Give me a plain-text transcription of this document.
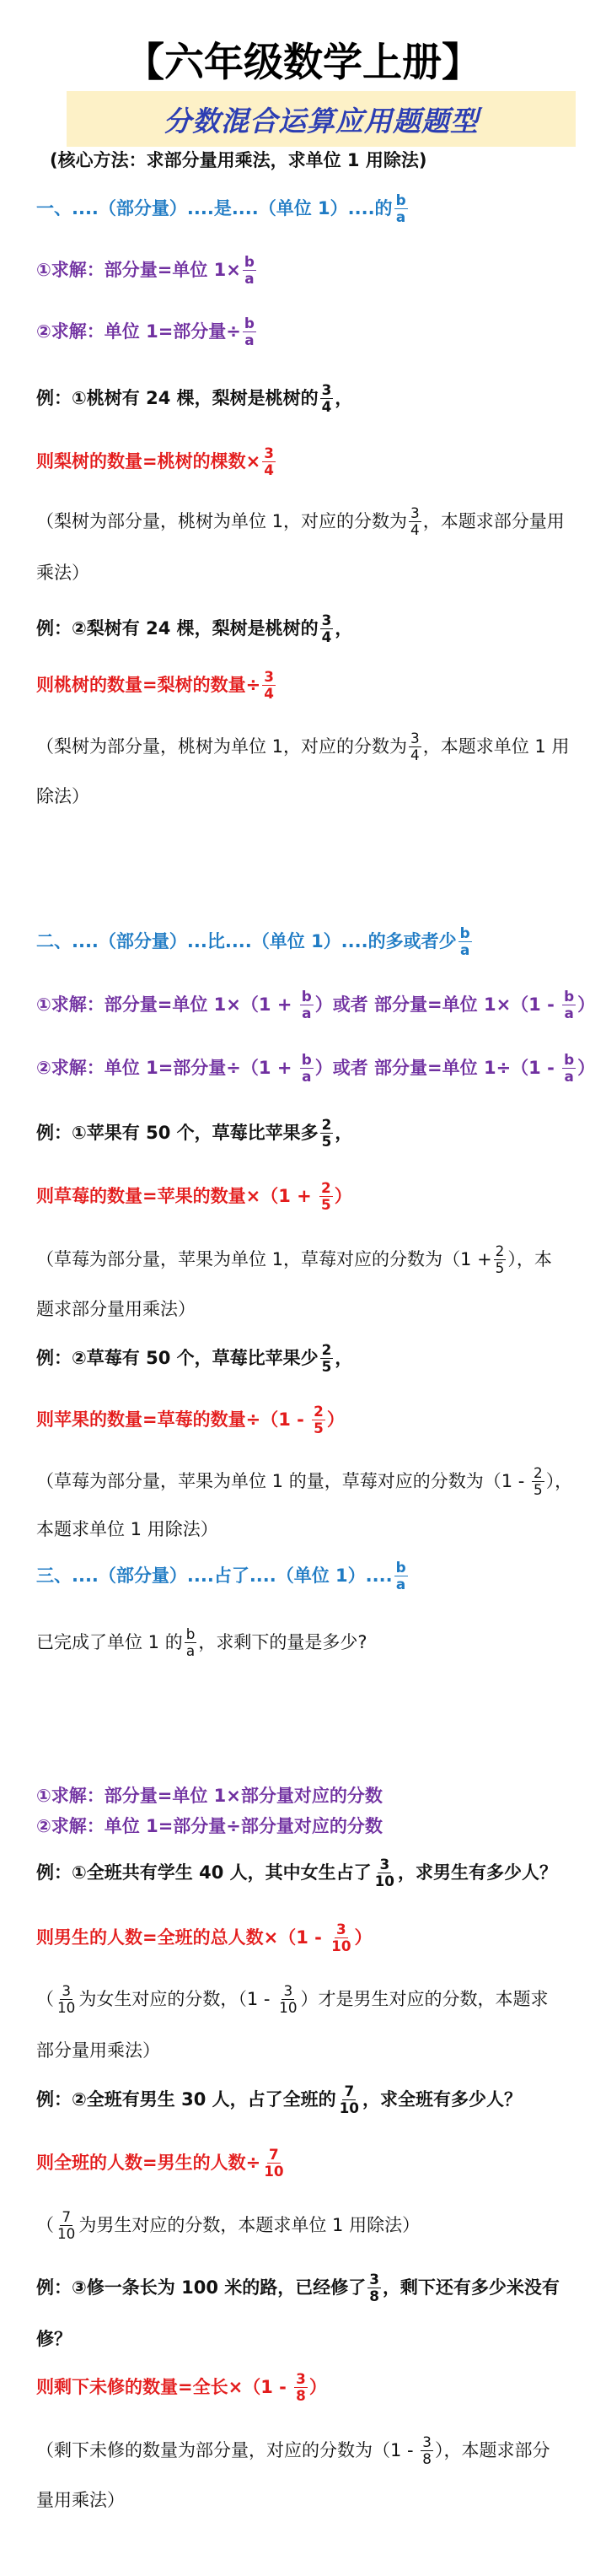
【六年级数学上册】
分数混合运算应用题题型
(核心方法：求部分量用乘法，求单位 1 用除法)
一、....（部分量）....是....（单位 1）....的 $\frac{b}{a}$
①求解：部分量=单位 $1\times \frac{b}{a}$
②求解：单位 1=部分量÷ $\frac{b}{a}$
例：①桃树有 24 棵，梨树是桃树的 $\frac{3}{4}$ ，
则梨树的数量=桃树的棵数× $\frac{3}{4}$
（梨树为部分量，桃树为单位 1，对应的分数为 $\frac{3}{4}$ ，本题求部分量用
乘法）
例：②梨树有 24 棵，梨树是桃树的 $\frac{3}{4}$ ，
则桃树的数量=梨树的数量÷ $\frac{3}{4}$
（梨树为部分量，桃树为单位 1，对应的分数为 $\frac{3}{4}$ ，本题求单位 1 用
除法）
二、....（部分量）...比....（单位 1）....的多或者少 $\frac{b}{a}$
①求解：部分量=单位 $1\times(1 + \frac{b}{a}$ ）或者 部分量=单位 $1\times(1 - \frac{b}{a}$ ）
②求解：单位 1=部分量$\div(1 + \frac{b}{a}$ ）或者 部分量=单位 $1\div(1 - \frac{b}{a}$ ）
例：①苹果有 50 个，草莓比苹果多 $\frac{2}{5}$ ，
则草莓的数量=苹果的数量$\times(1 + \frac{2}{5}$ ）
（草莓为部分量，苹果为单位 1，草莓对应的分数为（$1 + \frac{2}{5}$ ），本
题求部分量用乘法）
例：②草莓有 50 个，草莓比苹果少 $\frac{2}{5}$ ，
则苹果的数量=草莓的数量$\div(1 - \frac{2}{5}$ ）
（草莓为部分量，苹果为单位 1 的量，草莓对应的分数为（$1 - \frac{2}{5}$ ），
本题求单位 1 用除法）
三、....（部分量）....占了....（单位 1）.... $\frac{b}{a}$
已完成了单位 1 的 $\frac{b}{a}$ ，求剩下的量是多少?
①求解：部分量=单位 1×部分量对应的分数
②求解：单位 1=部分量÷部分量对应的分数
例：①全班共有学生 40 人，其中女生占了 $\frac{3}{10}$ ，求男生有多少人？
则男生的人数=全班的总人数$\times(1 - \frac{3}{10}$ ）
（ $\frac{3}{10}$ 为女生对应的分数，（$1 - \frac{3}{10}$ ）才是男生对应的分数，本题求
部分量用乘法）
例：②全班有男生 30 人，占了全班的 $\frac{7}{10}$ ，求全班有多少人？
则全班的人数=男生的人数÷ $\frac{7}{10}$
（ $\frac{7}{10}$ 为男生对应的分数，本题求单位 1 用除法）
例：③修一条长为 100 米的路，已经修了 $\frac{3}{8}$ ，剩下还有多少米没有
修？
则剩下未修的数量=全长$\times(1 - \frac{3}{8}$ ）
（剩下未修的数量为部分量，对应的分数为（$1 - \frac{3}{8}$ ），本题求部分
量用乘法）
